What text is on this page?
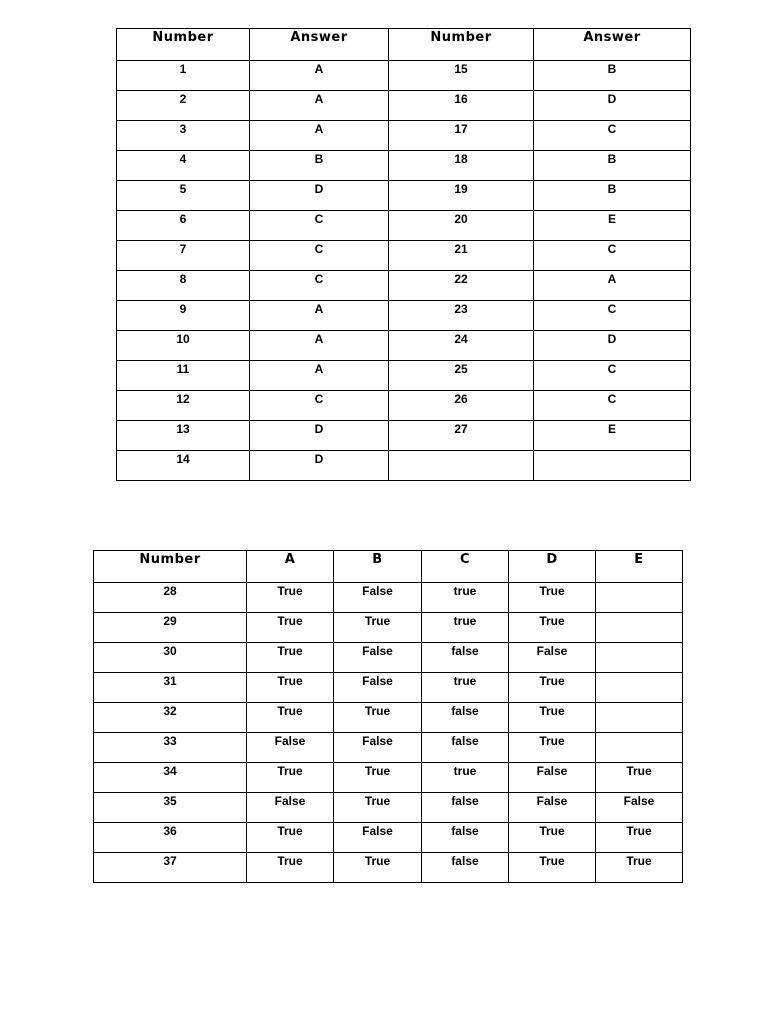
Number	Answer	Number	Answer
1	A	15	B
2	A	16	D
3	A	17	C
4	B	18	B
5	D	19	B
6	C	20	E
7	C	21	C
8	C	22	A
9	A	23	C
10	A	24	D
11	A	25	C
12	C	26	C
13	D	27	E
14	D		
Number	A	B	C	D	E
28	True	False	true	True	
29	True	True	true	True	
30	True	False	false	False	
31	True	False	true	True	
32	True	True	false	True	
33	False	False	false	True	
34	True	True	true	False	True
35	False	True	false	False	False
36	True	False	false	True	True
37	True	True	false	True	True
